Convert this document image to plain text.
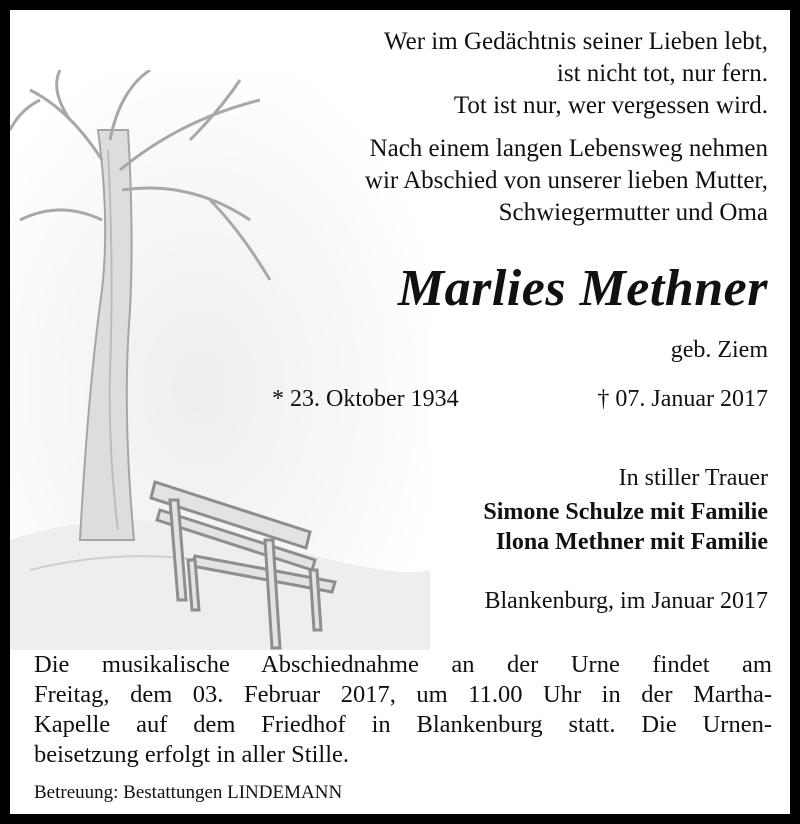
Wer im Gedächtnis seiner Lieben lebt,
ist nicht tot, nur fern.
Tot ist nur, wer vergessen wird.
Nach einem langen Lebensweg nehmen
wir Abschied von unserer lieben Mutter,
Schwiegermutter und Oma
Marlies Methner
geb. Ziem
* 23. Oktober 1934	† 07. Januar 2017
In stiller Trauer
Simone Schulze mit Familie
Ilona Methner mit Familie
Blankenburg, im Januar 2017
Die musikalische Abschiednahme an der Urne findet am
Freitag, dem 03. Februar 2017, um 11.00 Uhr in der Martha-
Kapelle auf dem Friedhof in Blankenburg statt. Die Urnen-
beisetzung erfolgt in aller Stille.
Betreuung: Bestattungen LINDEMANN
